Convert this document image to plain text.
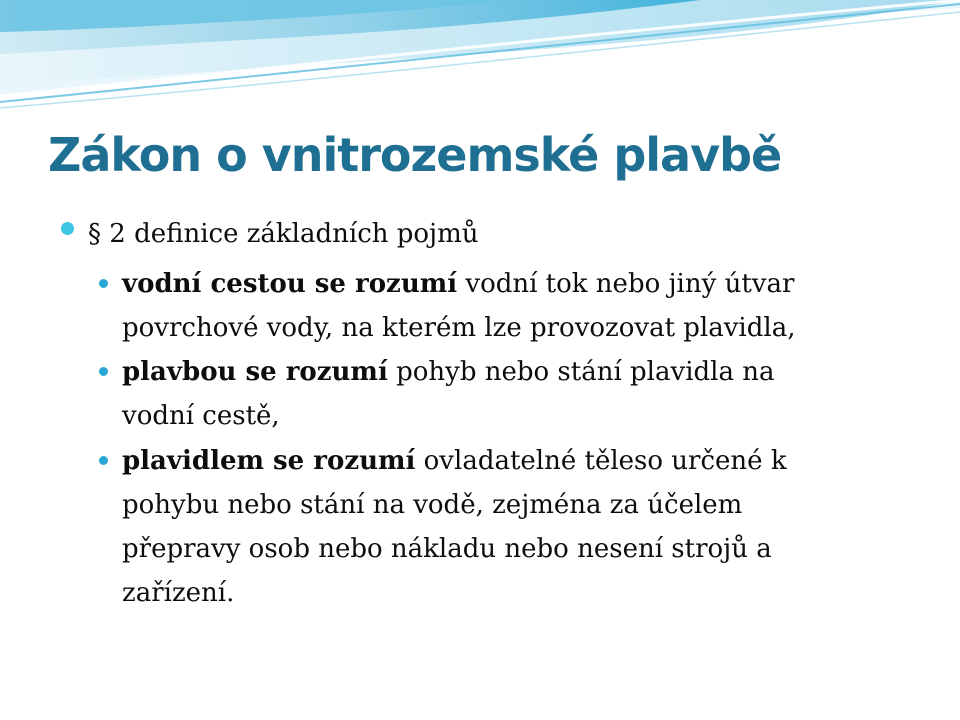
Zákon o vnitrozemské plavbě
§ 2 definice základních pojmů
vodní cestou se rozumí vodní tok nebo jiný útvar
povrchové vody, na kterém lze provozovat plavidla,
plavbou se rozumí pohyb nebo stání plavidla na
vodní cestě,
plavidlem se rozumí ovladatelné těleso určené k
pohybu nebo stání na vodě, zejména za účelem
přepravy osob nebo nákladu nebo nesení strojů a
zařízení.
